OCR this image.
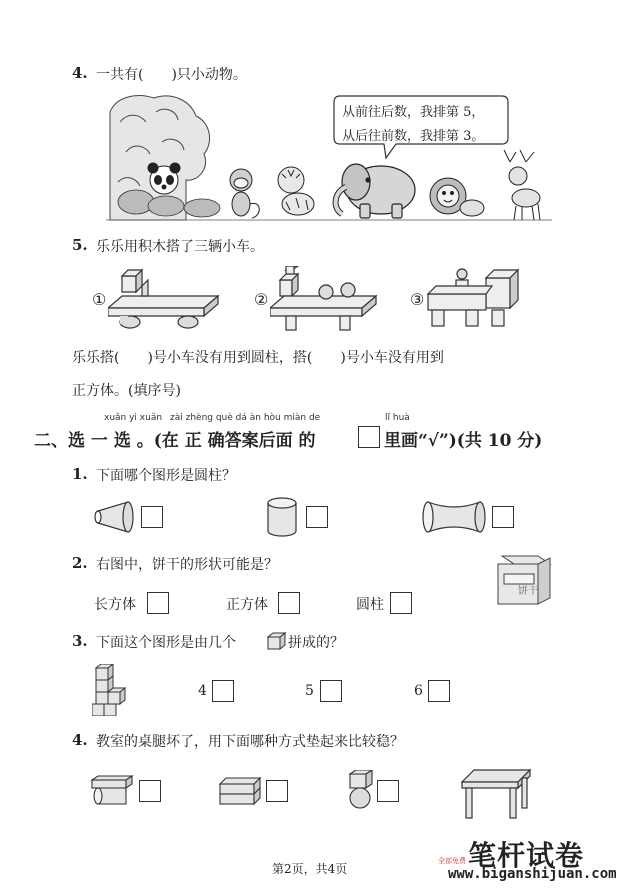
4. 一共有(　　)只小动物。
从前往后数，我排第 5，
从后往前数，我排第 3。
5. 乐乐用积木搭了三辆小车。
①	②	③
乐乐搭(　　)号小车没有用到圆柱，搭(　　)号小车没有用到
正方体。(填序号)
xuǎn yi xuǎn zài zhèng què dá àn hòu miàn de	lǐ huà
二、选 一 选 。(在 正 确答案后面 的	里画“√”)(共 10 分)
1. 下面哪个图形是圆柱？
2. 右图中，饼干的形状可能是？
饼干
长方体	正方体	圆柱
3. 下面这个图形是由几个	拼成的？
4	5	6
4. 教室的桌腿坏了，用下面哪种方式垫起来比较稳？
第2页，共4页
全部免费 笔杆试卷
www.biganshijuan.com
